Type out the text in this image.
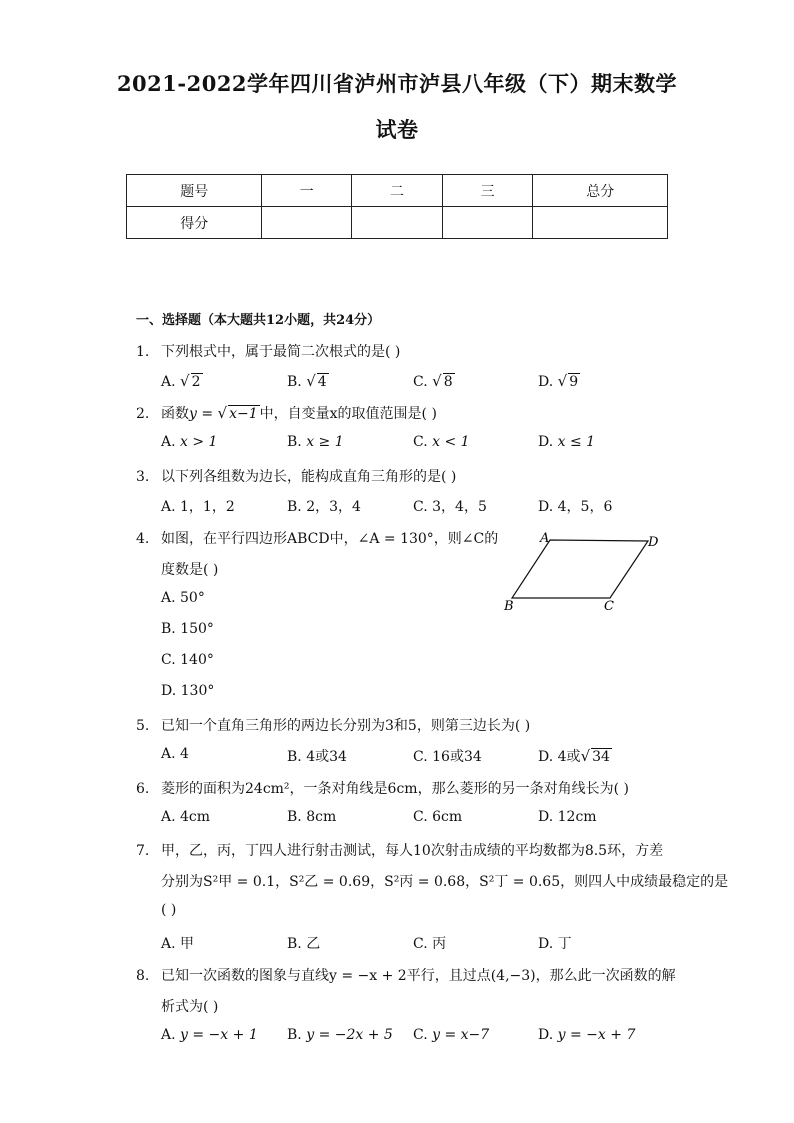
2021-2022学年四川省泸州市泸县八年级（下）期末数学
试卷
题号	一	二	三	总分
得分				
一、选择题（本大题共12小题，共24分）
1. 下列根式中，属于最简二次根式的是( )
A. √ 2	B. √ 4	C. √ 8	D. √ 9
2. 函数y = √ x−1 中，自变量x的取值范围是( )
A. x > 1	B. x ≥ 1	C. x < 1	D. x ≤ 1
3. 以下列各组数为边长，能构成直角三角形的是( )
A. 1，1，2	B. 2，3，4	C. 3，4，5	D. 4，5，6
4. 如图，在平行四边形ABCD中，∠A = 130°，则∠C的
度数是( )
A. 50°
B. 150°
C. 140°
D. 130°
A	D
B	C
5. 已知一个直角三角形的两边长分别为3和5，则第三边长为( )
A. 4	B. 4或34	C. 16或34	D. 4或√ 34
6. 菱形的面积为24cm²，一条对角线是6cm，那么菱形的另一条对角线长为( )
A. 4cm	B. 8cm	C. 6cm	D. 12cm
7. 甲，乙，丙，丁四人进行射击测试，每人10次射击成绩的平均数都为8.5环，方差
分别为S²甲 = 0.1，S²乙 = 0.69，S²丙 = 0.68，S²丁 = 0.65，则四人中成绩最稳定的是
( )
A. 甲	B. 乙	C. 丙	D. 丁
8. 已知一次函数的图象与直线y = −x + 2平行，且过点(4,−3)，那么此一次函数的解
析式为( )
A. y = −x + 1 B. y = −2x + 5 C. y = x−7	D. y = −x + 7
